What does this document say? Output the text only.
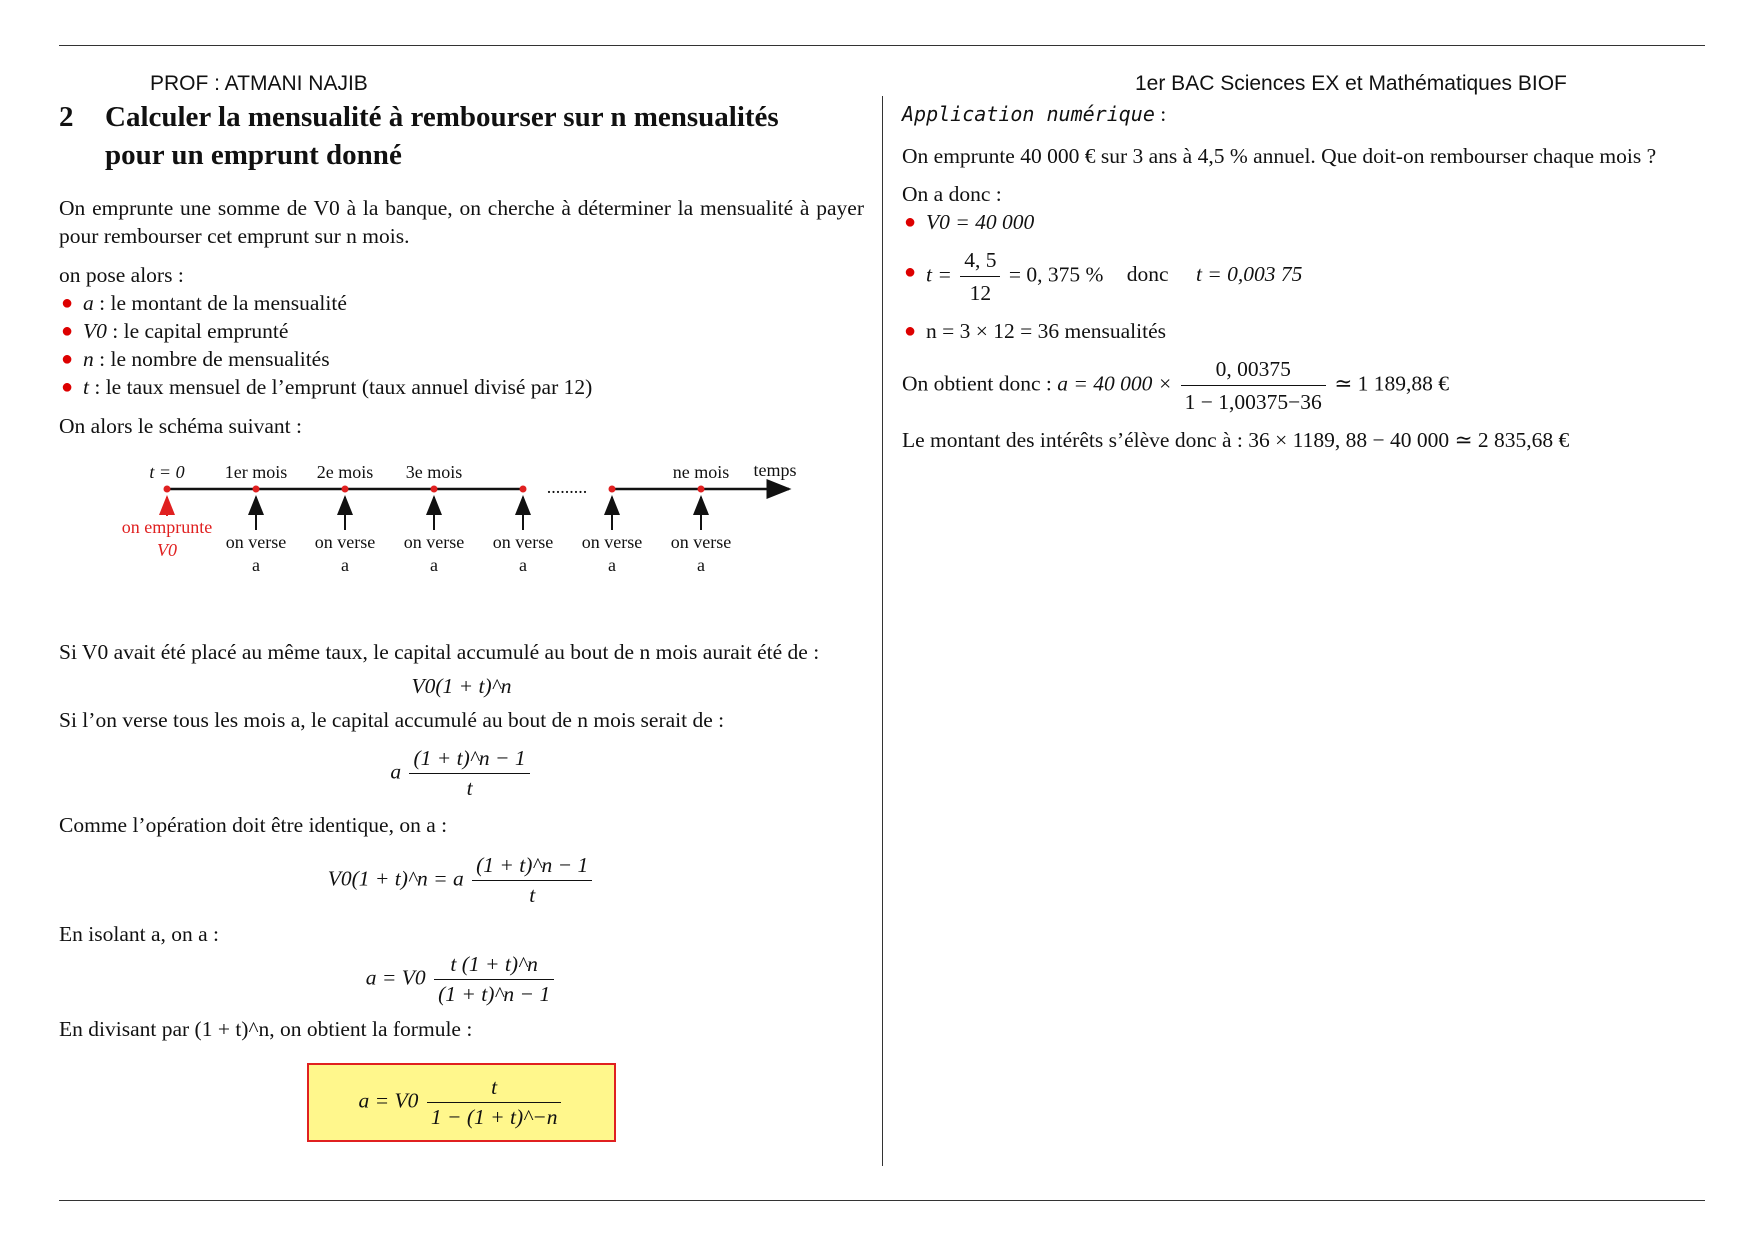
PROF : ATMANI NAJIB	1er BAC Sciences EX et Mathématiques BIOF
2 Calculer la mensualité à rembourser sur n mensualités
pour un emprunt donné

On emprunte une somme de V0 à la banque, on cherche à déterminer la mensualité à payer pour rembourser cet emprunt sur n mois.

on pose alors :

● a : le montant de la mensualité
● V0 : le capital emprunté
● n : le nombre de mensualités
● t : le taux mensuel de l’emprunt (taux annuel divisé par 12)

On alors le schéma suivant :

t = 0 1er mois 2e mois 3e mois	ne mois temps
.........
on emprunte
V0	on verse
a
on verse
a
on verse
a
on verse
a
on verse
a
on verse
a

Si V0 avait été placé au même taux, le capital accumulé au bout de n mois aurait été de :

V0(1 + t)^n

Si l’on verse tous les mois a, le capital accumulé au bout de n mois serait de :

a $\frac{(1 + t)\^{}n - 1}{t}$

Comme l’opération doit être identique, on a :

V0(1 + t)^n = a $\frac{(1 + t)\^{}n - 1}{t}$

En isolant a, on a :

$a = V0 \frac{t (1 + t)\^{}n}{(1 + t)\^{}n - 1}$

En divisant par (1 + t)^n, on obtient la formule :

$a = V0 \frac{t}{1 - (1 + t)\^{}-n}$

Application numérique :

On emprunte 40 000 € sur 3 ans à 4,5 % annuel. Que doit-on rembourser chaque mois ?

On a donc :

● V0 = 40 000
● $t = \frac{4, 5}{12} = 0$, 375 % donc t = 0,003 75
● n = 3 × 12 = 36 mensualités

On obtient donc : a = 40 $000 \times \frac{0, 00375}{1 - 1,00375-36}$ ≃ 1 189,88 €

Le montant des intérêts s’élève donc à : 36 × 1189, 88 − 40 000 ≃ 2 835,68 €
